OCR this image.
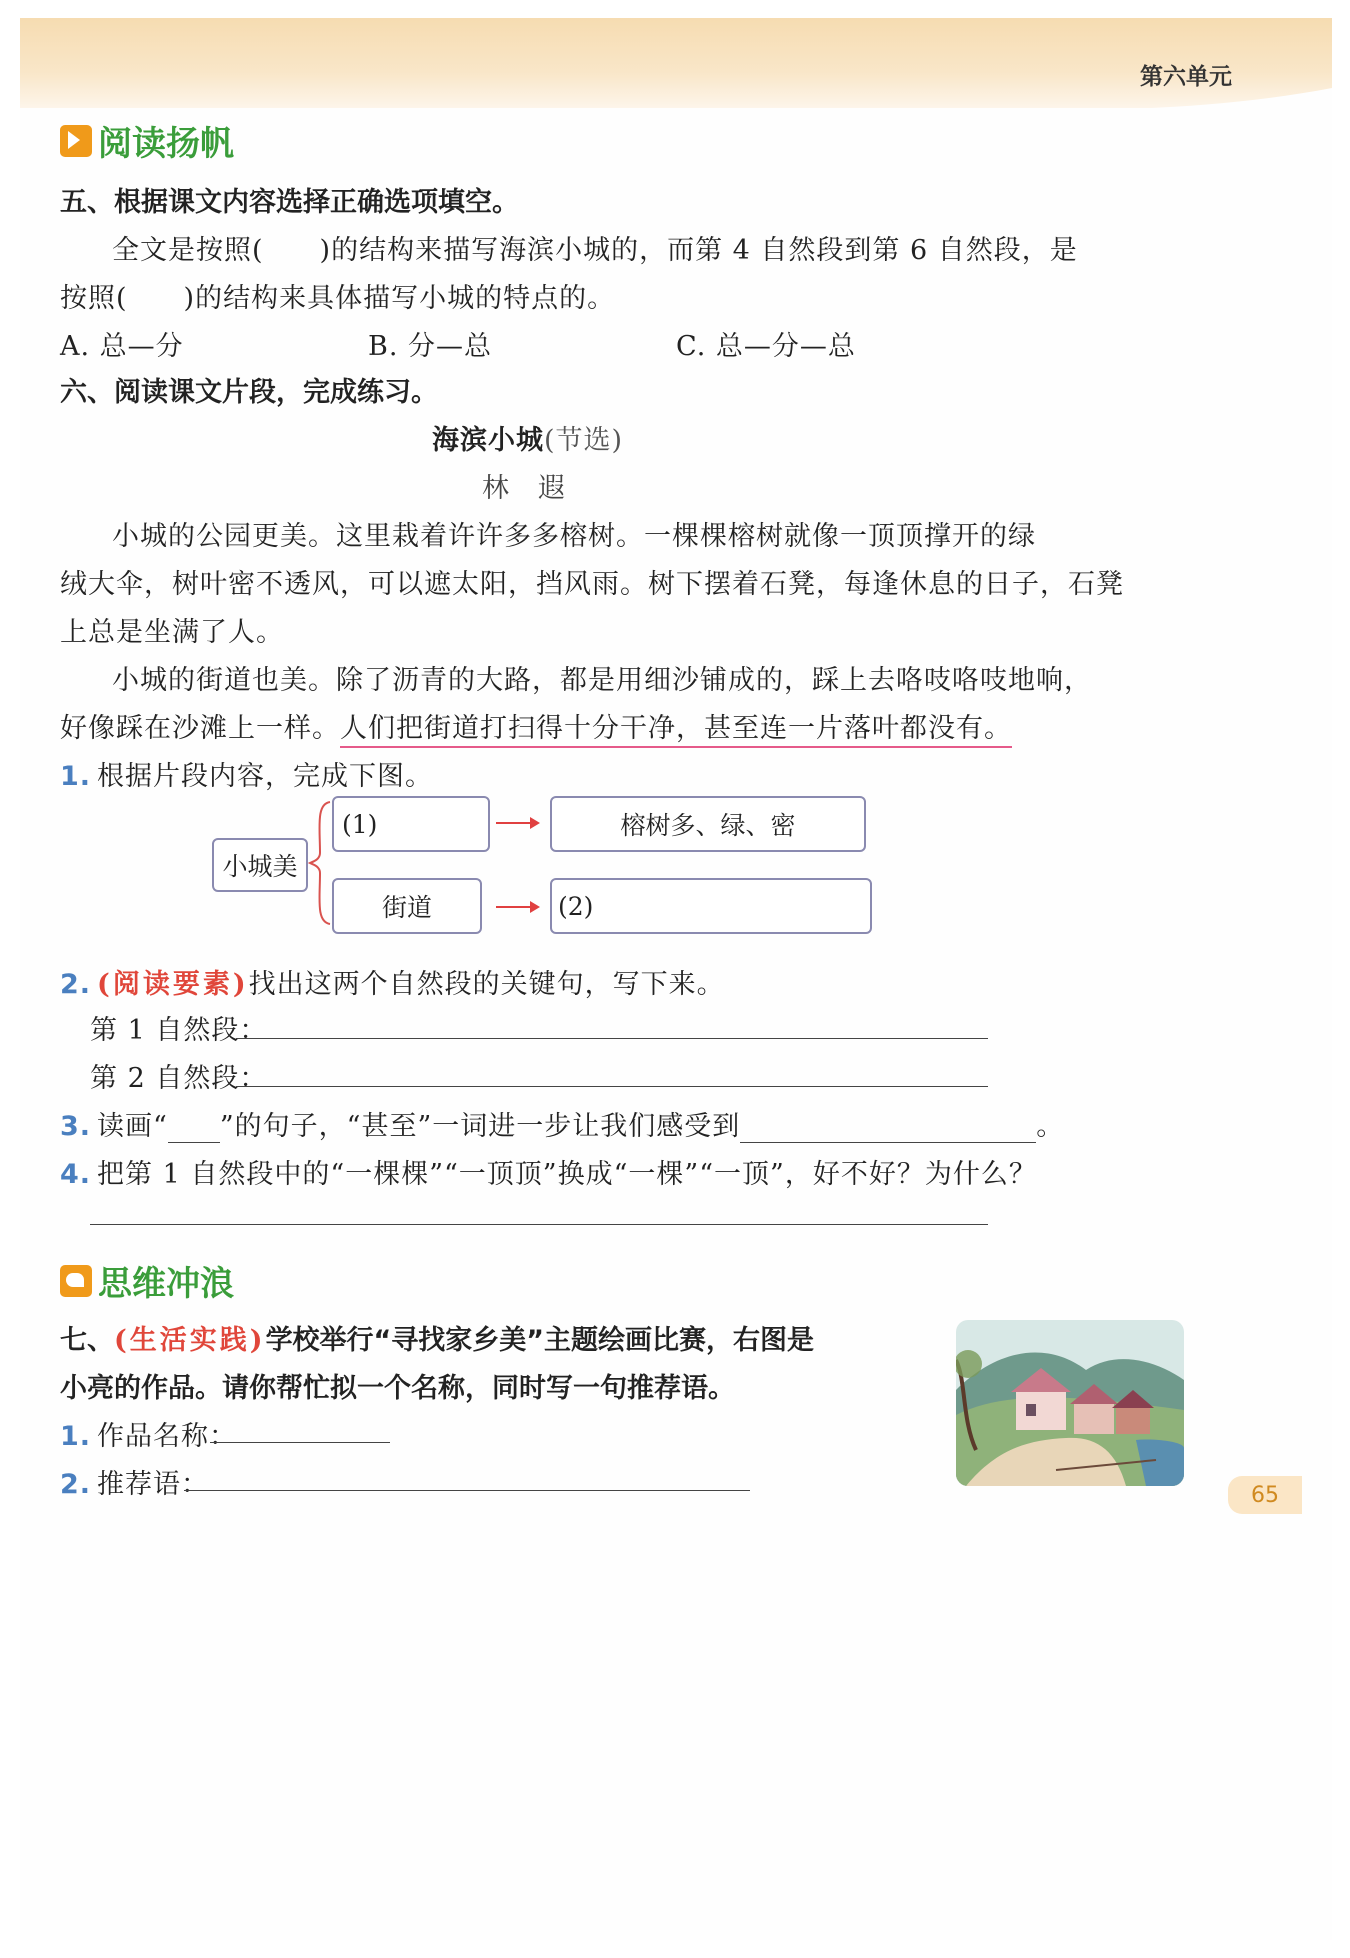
第六单元
阅读扬帆
五、根据课文内容选择正确选项填空。
全文是按照(　　)的结构来描写海滨小城的，而第 4 自然段到第 6 自然段，是
按照(　　)的结构来具体描写小城的特点的。
A. 总—分	B. 分—总	C. 总—分—总
六、阅读课文片段，完成练习。
海滨小城(节选)
林　遐
小城的公园更美。这里栽着许许多多榕树。一棵棵榕树就像一顶顶撑开的绿
绒大伞，树叶密不透风，可以遮太阳，挡风雨。树下摆着石凳，每逢休息的日子，石凳
上总是坐满了人。
小城的街道也美。除了沥青的大路，都是用细沙铺成的，踩上去咯吱咯吱地响，
好像踩在沙滩上一样。人们把街道打扫得十分干净，甚至连一片落叶都没有。
1. 根据片段内容，完成下图。
小城美
(1)	榕树多、绿、密
街道	(2)
2. (阅读要素)找出这两个自然段的关键句，写下来。
第 1 自然段：
第 2 自然段：
3. 读画“ ”的句子，“甚至”一词进一步让我们感受到	。
4. 把第 1 自然段中的“一棵棵”“一顶顶”换成“一棵”“一顶”，好不好？为什么？
思维冲浪
七、(生活实践)学校举行“寻找家乡美”主题绘画比赛，右图是
小亮的作品。请你帮忙拟一个名称，同时写一句推荐语。
1. 作品名称：
2. 推荐语：	65
